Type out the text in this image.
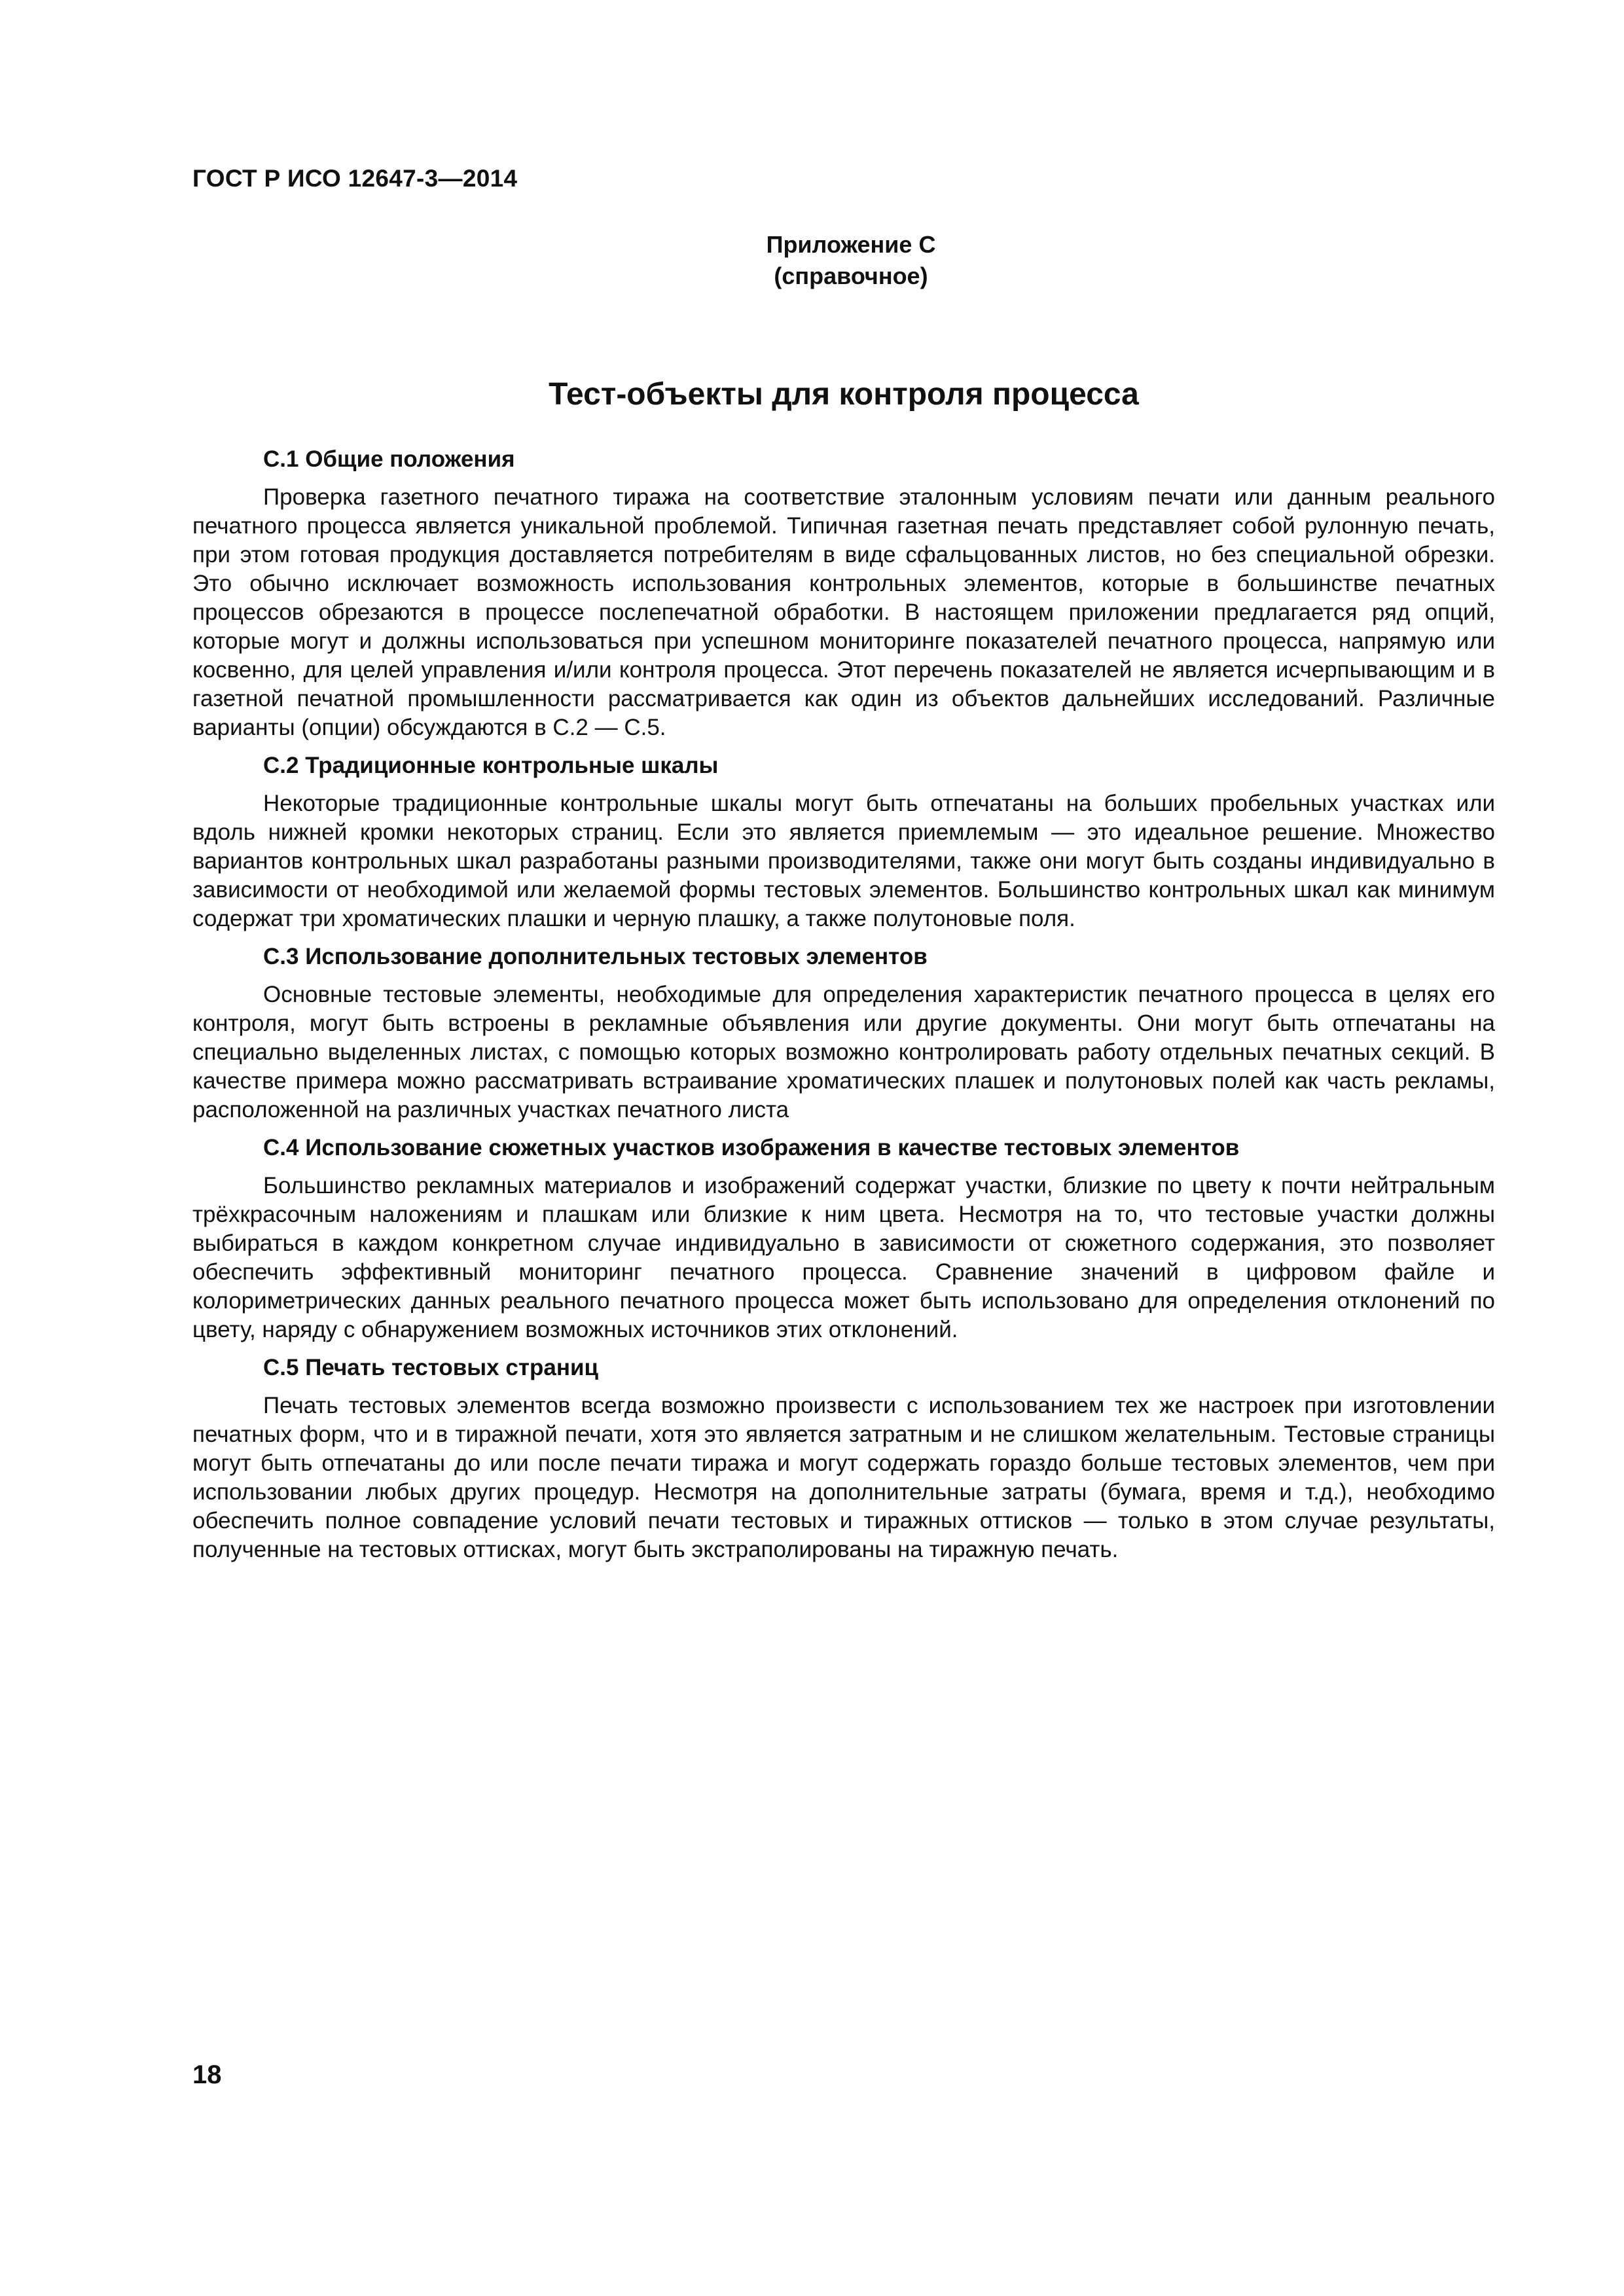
ГОСТ Р ИСО 12647-3—2014
Приложение С
(справочное)
Тест-объекты для контроля процесса
С.1 Общие положения
Проверка газетного печатного тиража на соответствие эталонным условиям печати или данным реального печатного процесса является уникальной проблемой. Типичная газетная печать представляет собой рулонную печать, при этом готовая продукция доставляется потребителям в виде сфальцованных листов, но без специальной обрезки. Это обычно исключает возможность использования контрольных элементов, которые в большинстве печатных процессов обрезаются в процессе послепечатной обработки. В настоящем приложении предлагается ряд опций, которые могут и должны использоваться при успешном мониторинге показателей печатного процесса, напрямую или косвенно, для целей управления и/или контроля процесса. Этот перечень показателей не является исчерпывающим и в газетной печатной промышленности рассматривается как один из объектов дальнейших исследований. Различные варианты (опции) обсуждаются в С.2 — С.5.
С.2 Традиционные контрольные шкалы
Некоторые традиционные контрольные шкалы могут быть отпечатаны на больших пробельных участках или вдоль нижней кромки некоторых страниц. Если это является приемлемым — это идеальное решение. Множество вариантов контрольных шкал разработаны разными производителями, также они могут быть созданы индивидуально в зависимости от необходимой или желаемой формы тестовых элементов. Большинство контрольных шкал как минимум содержат три хроматических плашки и черную плашку, а также полутоновые поля.
С.3 Использование дополнительных тестовых элементов
Основные тестовые элементы, необходимые для определения характеристик печатного процесса в целях его контроля, могут быть встроены в рекламные объявления или другие документы. Они могут быть отпечатаны на специально выделенных листах, с помощью которых возможно контролировать работу отдельных печатных секций. В качестве примера можно рассматривать встраивание хроматических плашек и полутоновых полей как часть рекламы, расположенной на различных участках печатного листа
С.4 Использование сюжетных участков изображения в качестве тестовых элементов
Большинство рекламных материалов и изображений содержат участки, близкие по цвету к почти нейтральным трёхкрасочным наложениям и плашкам или близкие к ним цвета. Несмотря на то, что тестовые участки должны выбираться в каждом конкретном случае индивидуально в зависимости от сюжетного содержания, это позволяет обеспечить эффективный мониторинг печатного процесса. Сравнение значений в цифровом файле и колориметрических данных реального печатного процесса может быть использовано для определения отклонений по цвету, наряду с обнаружением возможных источников этих отклонений.
С.5 Печать тестовых страниц
Печать тестовых элементов всегда возможно произвести с использованием тех же настроек при изготовлении печатных форм, что и в тиражной печати, хотя это является затратным и не слишком желательным. Тестовые страницы могут быть отпечатаны до или после печати тиража и могут содержать гораздо больше тестовых элементов, чем при использовании любых других процедур. Несмотря на дополнительные затраты (бумага, время и т.д.), необходимо обеспечить полное совпадение условий печати тестовых и тиражных оттисков — только в этом случае результаты, полученные на тестовых оттисках, могут быть экстраполированы на тиражную печать.
18
